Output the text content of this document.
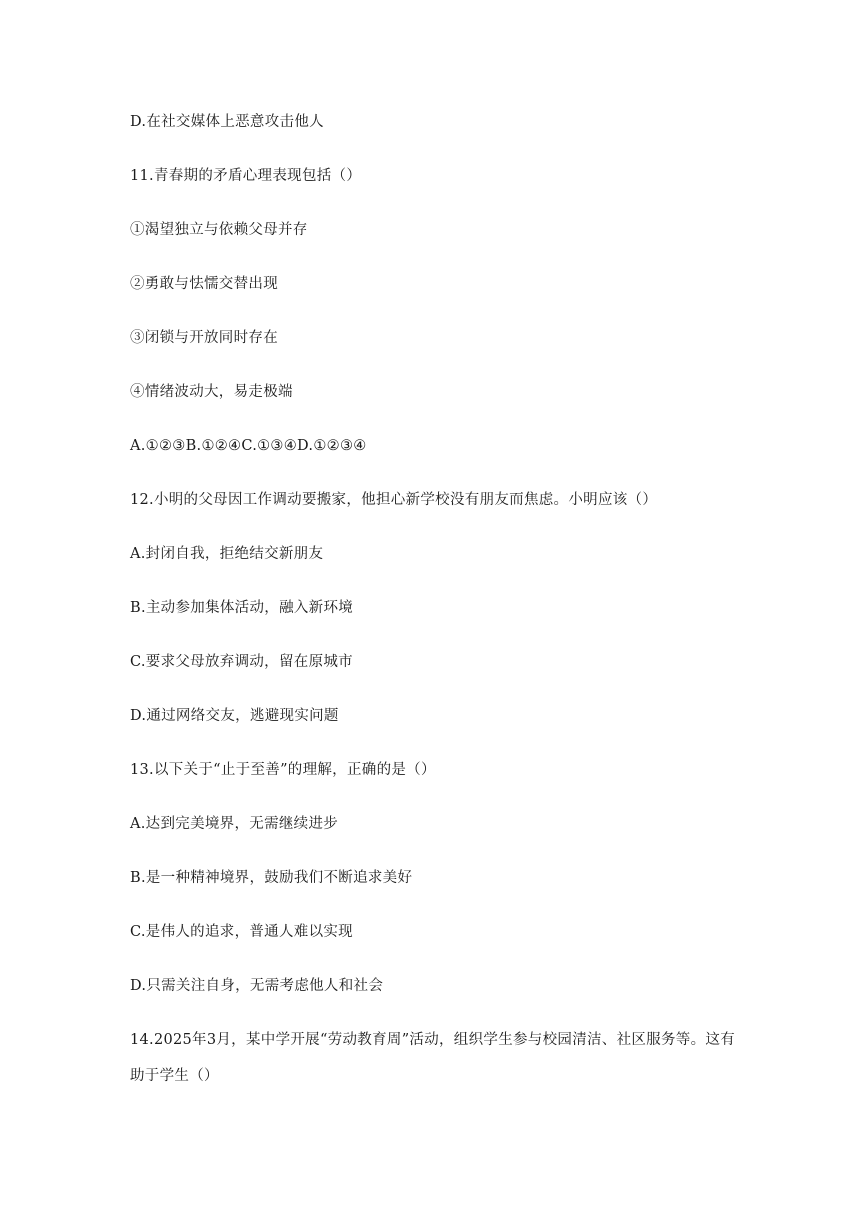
D.在社交媒体上恶意攻击他人
11.青春期的矛盾心理表现包括（）
①渴望独立与依赖父母并存
②勇敢与怯懦交替出现
③闭锁与开放同时存在
④情绪波动大，易走极端
A.①②③B.①②④C.①③④D.①②③④
12.小明的父母因工作调动要搬家，他担心新学校没有朋友而焦虑。小明应该（）
A.封闭自我，拒绝结交新朋友
B.主动参加集体活动，融入新环境
C.要求父母放弃调动，留在原城市
D.通过网络交友，逃避现实问题
13.以下关于“止于至善”的理解，正确的是（）
A.达到完美境界，无需继续进步
B.是一种精神境界，鼓励我们不断追求美好
C.是伟人的追求，普通人难以实现
D.只需关注自身，无需考虑他人和社会
14.2025年3月，某中学开展“劳动教育周”活动，组织学生参与校园清洁、社区服务等。这有助于学生（）
